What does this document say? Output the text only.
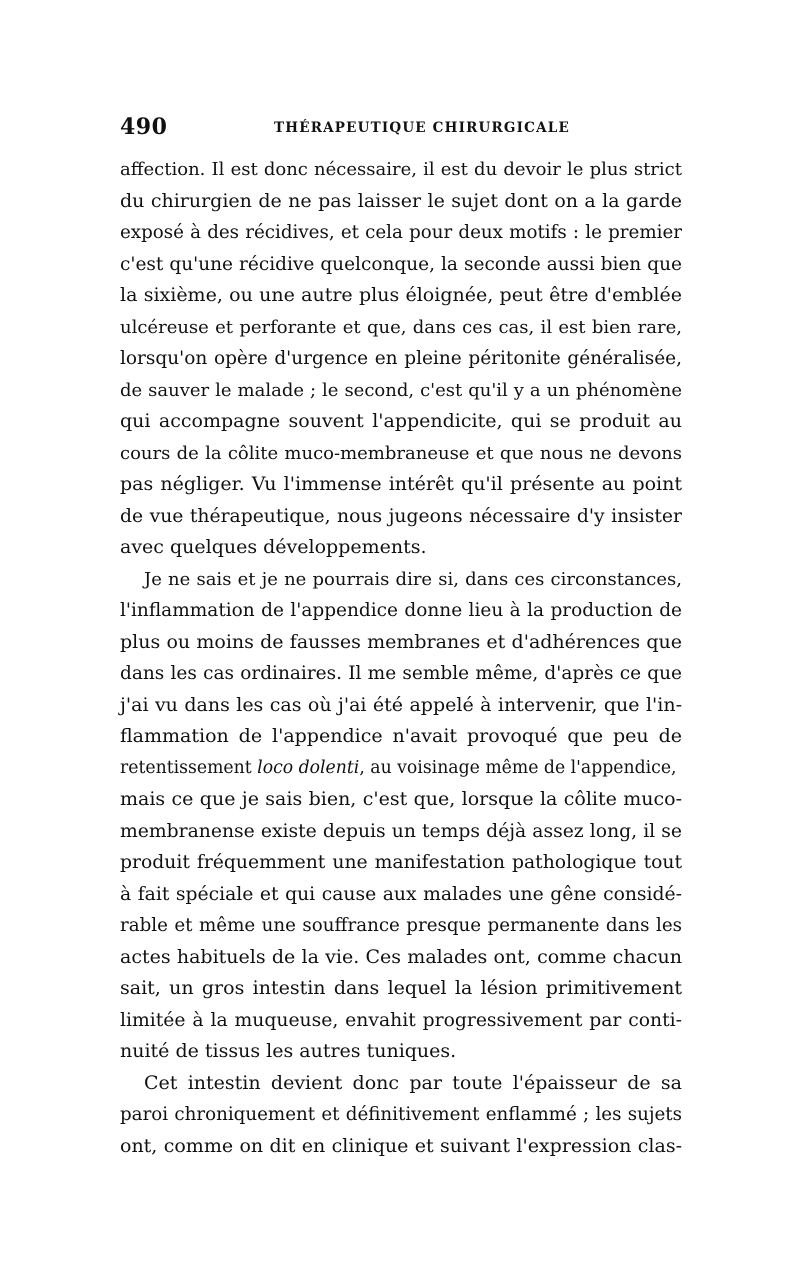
490	THÉRAPEUTIQUE CHIRURGICALE
affection. Il est donc nécessaire, il est du devoir le plus strict
du chirurgien de ne pas laisser le sujet dont on a la garde
exposé à des récidives, et cela pour deux motifs : le premier
c'est qu'une récidive quelconque, la seconde aussi bien que
la sixième, ou une autre plus éloignée, peut être d'emblée
ulcéreuse et perforante et que, dans ces cas, il est bien rare,
lorsqu'on opère d'urgence en pleine péritonite généralisée,
de sauver le malade ; le second, c'est qu'il y a un phénomène
qui accompagne souvent l'appendicite, qui se produit au
cours de la côlite muco-membraneuse et que nous ne devons
pas négliger. Vu l'immense intérêt qu'il présente au point
de vue thérapeutique, nous jugeons nécessaire d'y insister
avec quelques développements.
Je ne sais et je ne pourrais dire si, dans ces circonstances,
l'inflammation de l'appendice donne lieu à la production de
plus ou moins de fausses membranes et d'adhérences que
dans les cas ordinaires. Il me semble même, d'après ce que
j'ai vu dans les cas où j'ai été appelé à intervenir, que l'in-
flammation de l'appendice n'avait provoqué que peu de
retentissement loco dolenti, au voisinage même de l'appendice,
mais ce que je sais bien, c'est que, lorsque la côlite muco-
membranense existe depuis un temps déjà assez long, il se
produit fréquemment une manifestation pathologique tout
à fait spéciale et qui cause aux malades une gêne considé-
rable et même une souffrance presque permanente dans les
actes habituels de la vie. Ces malades ont, comme chacun
sait, un gros intestin dans lequel la lésion primitivement
limitée à la muqueuse, envahit progressivement par conti-
nuité de tissus les autres tuniques.
Cet intestin devient donc par toute l'épaisseur de sa
paroi chroniquement et définitivement enflammé ; les sujets
ont, comme on dit en clinique et suivant l'expression clas-
